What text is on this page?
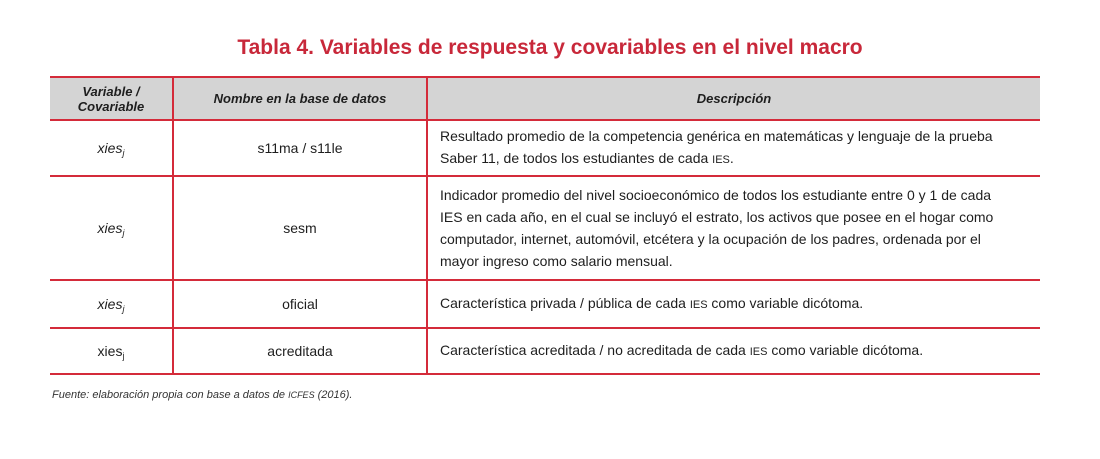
Tabla 4. Variables de respuesta y covariables en el nivel macro
Variable / Covariable	Nombre en la base de datos	Descripción
xies$_j$	s11ma / s11le	Resultado promedio de la competencia genérica en matemáticas y lenguaje de la prueba Saber 11, de todos los estudiantes de cada IES.
xies$_j$	sesm	Indicador promedio del nivel socioeconómico de todos los estudiante entre 0 y 1 de cada IES en cada año, en el cual se incluyó el estrato, los activos que posee en el hogar como computador, internet, automóvil, etcétera y la ocupación de los padres, ordenada por el mayor ingreso como salario mensual.
xies$_j$	oficial	Característica privada / pública de cada IES como variable dicótoma.
xies$_j$	acreditada	Característica acreditada / no acreditada de cada IES como variable dicótoma.
Fuente: elaboración propia con base a datos de ICFES (2016).
